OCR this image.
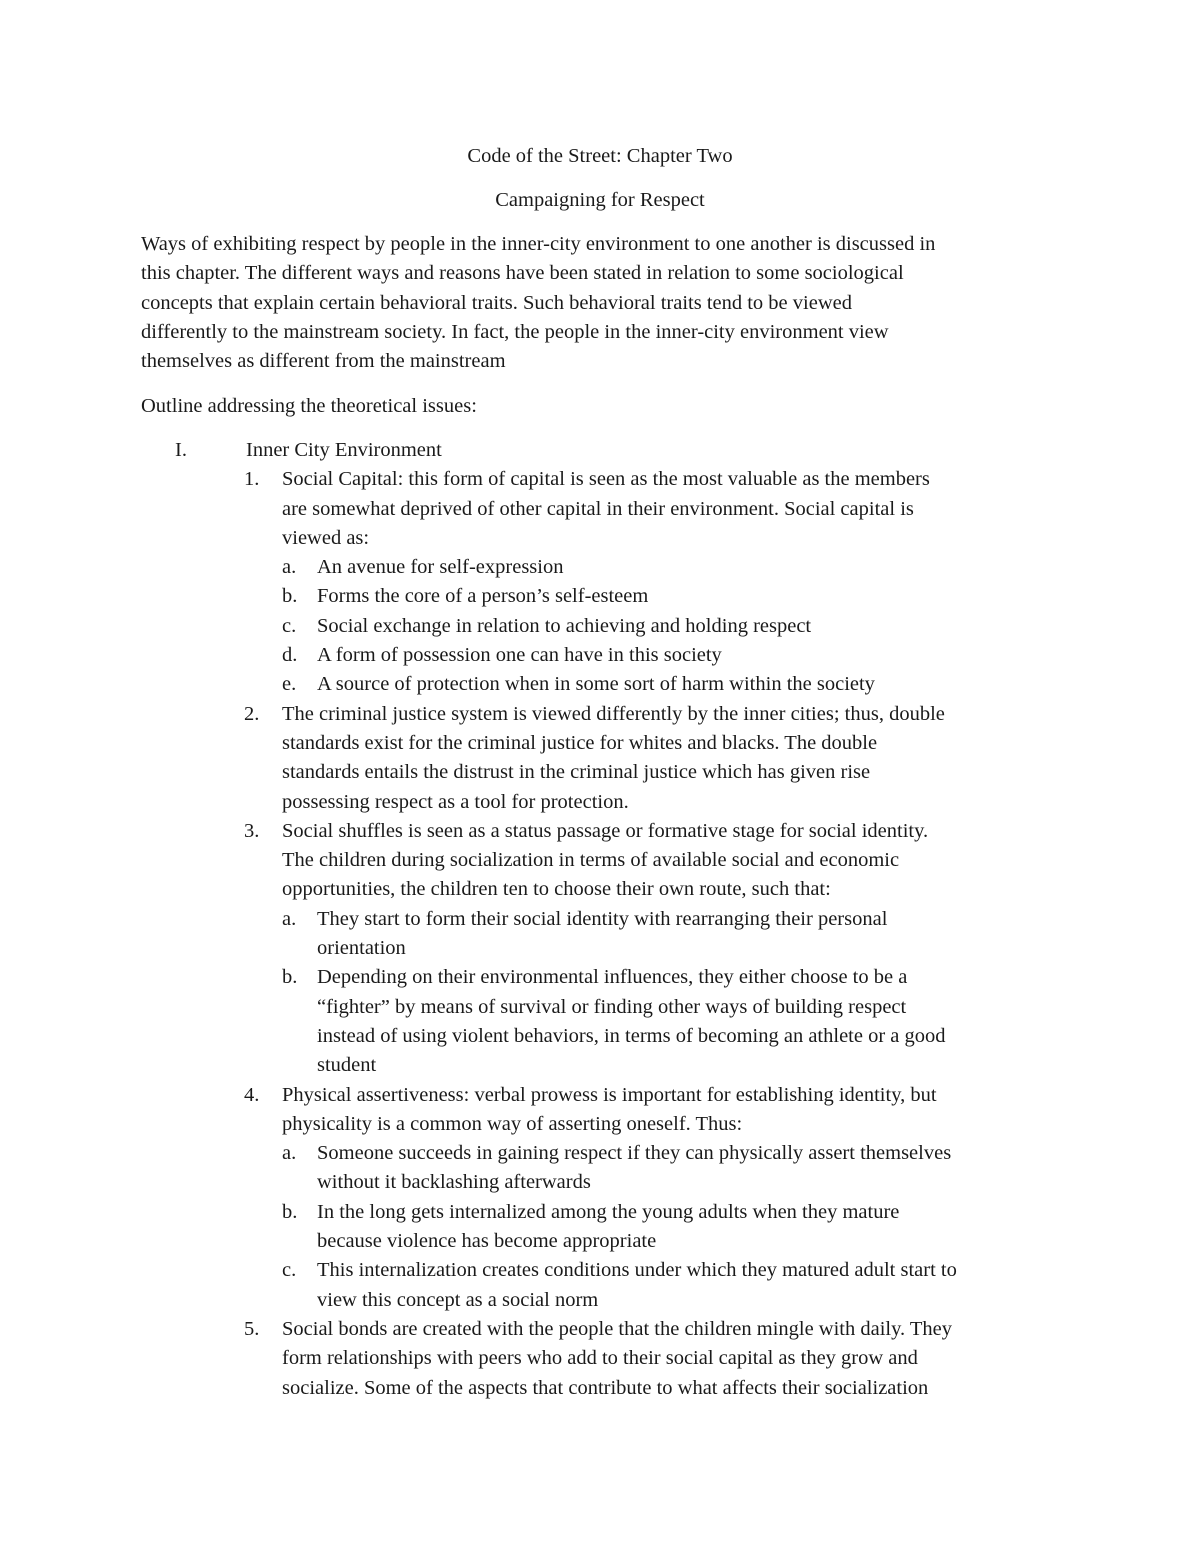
Code of the Street: Chapter Two
Campaigning for Respect

Ways of exhibiting respect by people in the inner-city environment to one another is discussed in
this chapter. The different ways and reasons have been stated in relation to some sociological
concepts that explain certain behavioral traits. Such behavioral traits tend to be viewed
differently to the mainstream society. In fact, the people in the inner-city environment view
themselves as different from the mainstream

Outline addressing the theoretical issues:

I.	Inner City Environment
1. Social Capital: this form of capital is seen as the most valuable as the members
are somewhat deprived of other capital in their environment. Social capital is
viewed as:
a. An avenue for self-expression
b. Forms the core of a person’s self-esteem
c. Social exchange in relation to achieving and holding respect
d. A form of possession one can have in this society
e. A source of protection when in some sort of harm within the society
2. The criminal justice system is viewed differently by the inner cities; thus, double
standards exist for the criminal justice for whites and blacks. The double
standards entails the distrust in the criminal justice which has given rise
possessing respect as a tool for protection.
3. Social shuffles is seen as a status passage or formative stage for social identity.
The children during socialization in terms of available social and economic
opportunities, the children ten to choose their own route, such that:
a. They start to form their social identity with rearranging their personal
orientation
b. Depending on their environmental influences, they either choose to be a
“fighter” by means of survival or finding other ways of building respect
instead of using violent behaviors, in terms of becoming an athlete or a good
student
4. Physical assertiveness: verbal prowess is important for establishing identity, but
physicality is a common way of asserting oneself. Thus:
a. Someone succeeds in gaining respect if they can physically assert themselves
without it backlashing afterwards
b. In the long gets internalized among the young adults when they mature
because violence has become appropriate
c. This internalization creates conditions under which they matured adult start to
view this concept as a social norm
5. Social bonds are created with the people that the children mingle with daily. They
form relationships with peers who add to their social capital as they grow and
socialize. Some of the aspects that contribute to what affects their socialization
